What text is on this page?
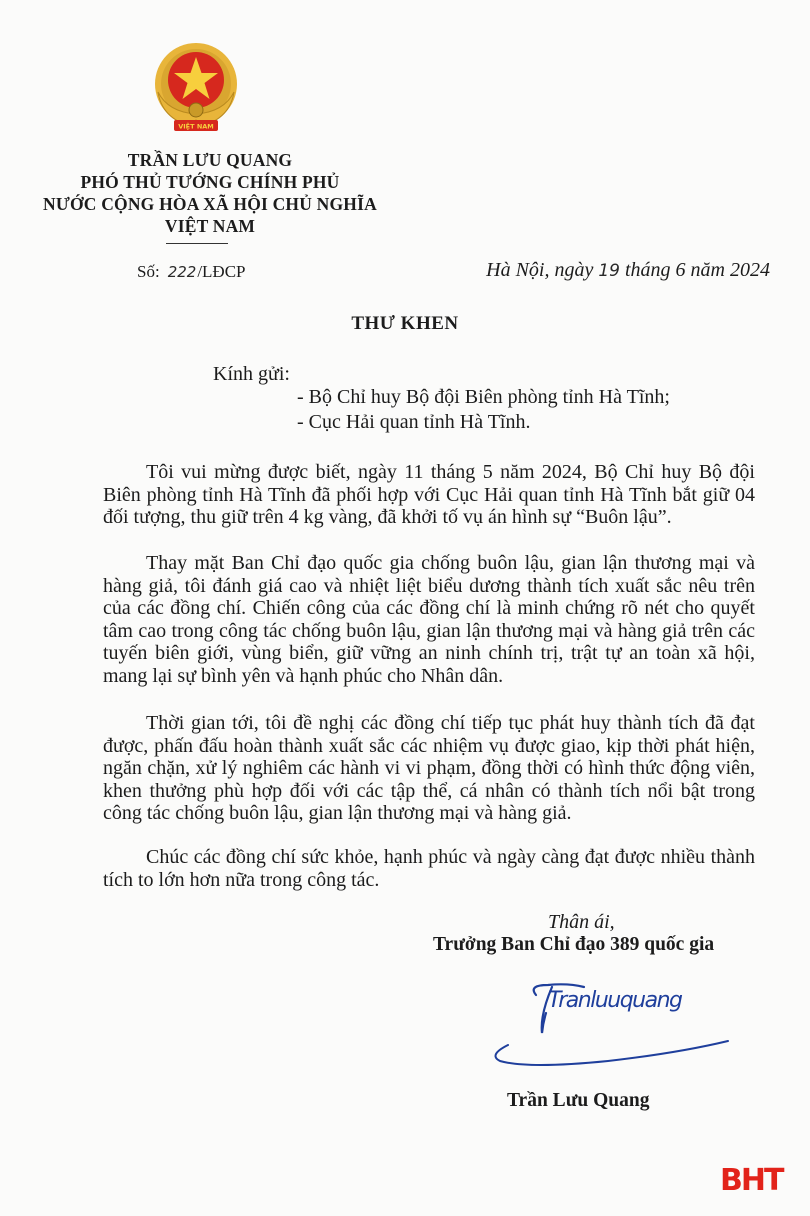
VIỆT NAM
TRẦN LƯU QUANG
PHÓ THỦ TƯỚNG CHÍNH PHỦ
NƯỚC CỘNG HÒA XÃ HỘI CHỦ NGHĨA
VIỆT NAM
Số: 222/LĐCP	Hà Nội, ngày 19 tháng 6 năm 2024
THƯ KHEN
Kính gửi:
- Bộ Chỉ huy Bộ đội Biên phòng tỉnh Hà Tĩnh;
- Cục Hải quan tỉnh Hà Tĩnh.

Tôi vui mừng được biết, ngày 11 tháng 5 năm 2024, Bộ Chỉ huy Bộ đội Biên phòng tỉnh Hà Tĩnh đã phối hợp với Cục Hải quan tỉnh Hà Tĩnh bắt giữ 04 đối tượng, thu giữ trên 4 kg vàng, đã khởi tố vụ án hình sự “Buôn lậu”.

Thay mặt Ban Chỉ đạo quốc gia chống buôn lậu, gian lận thương mại và hàng giả, tôi đánh giá cao và nhiệt liệt biểu dương thành tích xuất sắc nêu trên của các đồng chí. Chiến công của các đồng chí là minh chứng rõ nét cho quyết tâm cao trong công tác chống buôn lậu, gian lận thương mại và hàng giả trên các tuyến biên giới, vùng biển, giữ vững an ninh chính trị, trật tự an toàn xã hội, mang lại sự bình yên và hạnh phúc cho Nhân dân.

Thời gian tới, tôi đề nghị các đồng chí tiếp tục phát huy thành tích đã đạt được, phấn đấu hoàn thành xuất sắc các nhiệm vụ được giao, kịp thời phát hiện, ngăn chặn, xử lý nghiêm các hành vi vi phạm, đồng thời có hình thức động viên, khen thưởng phù hợp đối với các tập thể, cá nhân có thành tích nổi bật trong công tác chống buôn lậu, gian lận thương mại và hàng giả.

Chúc các đồng chí sức khỏe, hạnh phúc và ngày càng đạt được nhiều thành tích to lớn hơn nữa trong công tác.

Thân ái,
Trưởng Ban Chỉ đạo 389 quốc gia
Tranluuquang
Trần Lưu Quang
BHT
